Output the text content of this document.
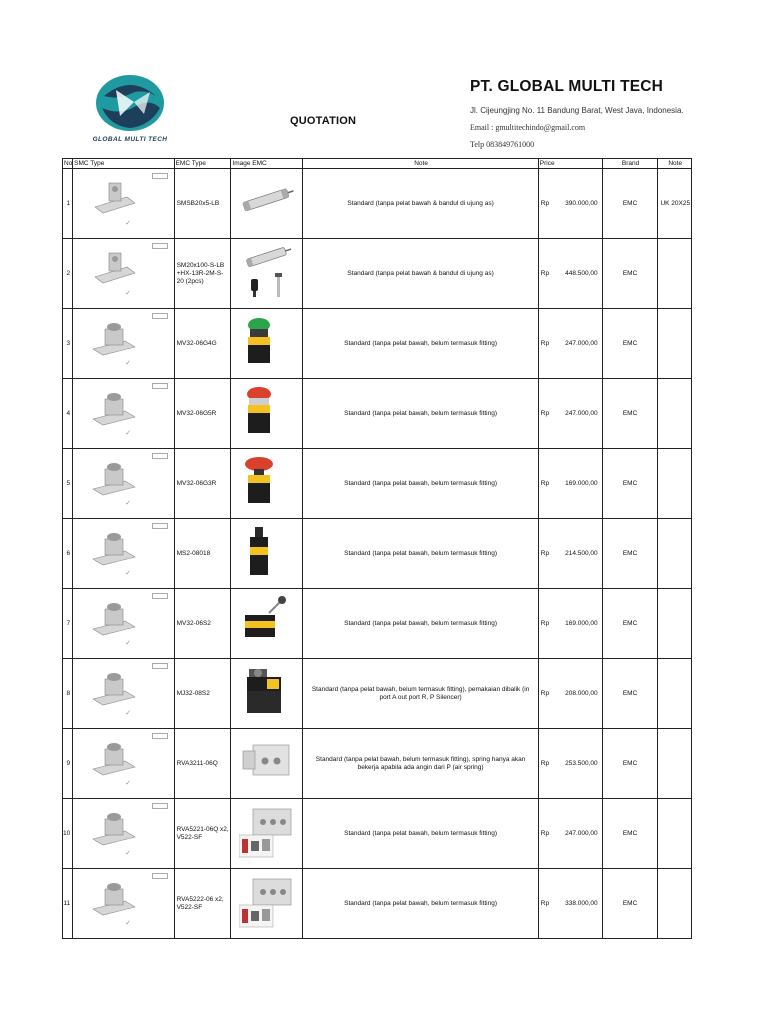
GLOBAL MULTI TECH
QUOTATION
PT. GLOBAL MULTI TECH
Jl. Cijeungjing No. 11 Bandung Barat, West Java, Indonesia.
Email : gmultitechindo@gmail.com
Telp 083849761000
No	SMC Type	EMC Type	Image EMC	Note	Price	Brand	Note
1	✓	SMSB20x5-LB		Standard (tanpa pelat bawah & bandul di ujung as)	Rp 390.000,00	EMC	UK 20X25
2	✓	SM20x100-S-LB +HX-13R-2M-S-20 (2pcs)		Standard (tanpa pelat bawah & bandul di ujung as)	Rp 448.500,00	EMC	
3	✓	MV32-06G4G		Standard (tanpa pelat bawah, belum termasuk fitting)	Rp 247.000,00	EMC	
4	✓	MV32-06G5R		Standard (tanpa pelat bawah, belum termasuk fitting)	Rp 247.000,00	EMC	
5	✓	MV32-06G3R		Standard (tanpa pelat bawah, belum termasuk fitting)	Rp 169.000,00	EMC	
6	✓	MS2-08018		Standard (tanpa pelat bawah, belum termasuk fitting)	Rp 214.500,00	EMC	
7	✓	MV32-06S2		Standard (tanpa pelat bawah, belum termasuk fitting)	Rp 169.000,00	EMC	
8	✓	MJ32-08S2		Standard (tanpa pelat bawah, belum termasuk fitting), pemakaian dibalik (in port A out port R, P Silencer)	Rp 208.000,00	EMC	
9	✓	RVA3211-06Q		Standard (tanpa pelat bawah, belum termasuk fitting), spring hanya akan bekerja apabila ada angin dari P (air spring)	Rp 253.500,00	EMC	
10	✓	RVA5221-06Q x2, V522-SF		Standard (tanpa pelat bawah, belum termasuk fitting)	Rp 247.000,00	EMC	
11	✓	RVA5222-06 x2, V522-SF		Standard (tanpa pelat bawah, belum termasuk fitting)	Rp 338.000,00	EMC	
